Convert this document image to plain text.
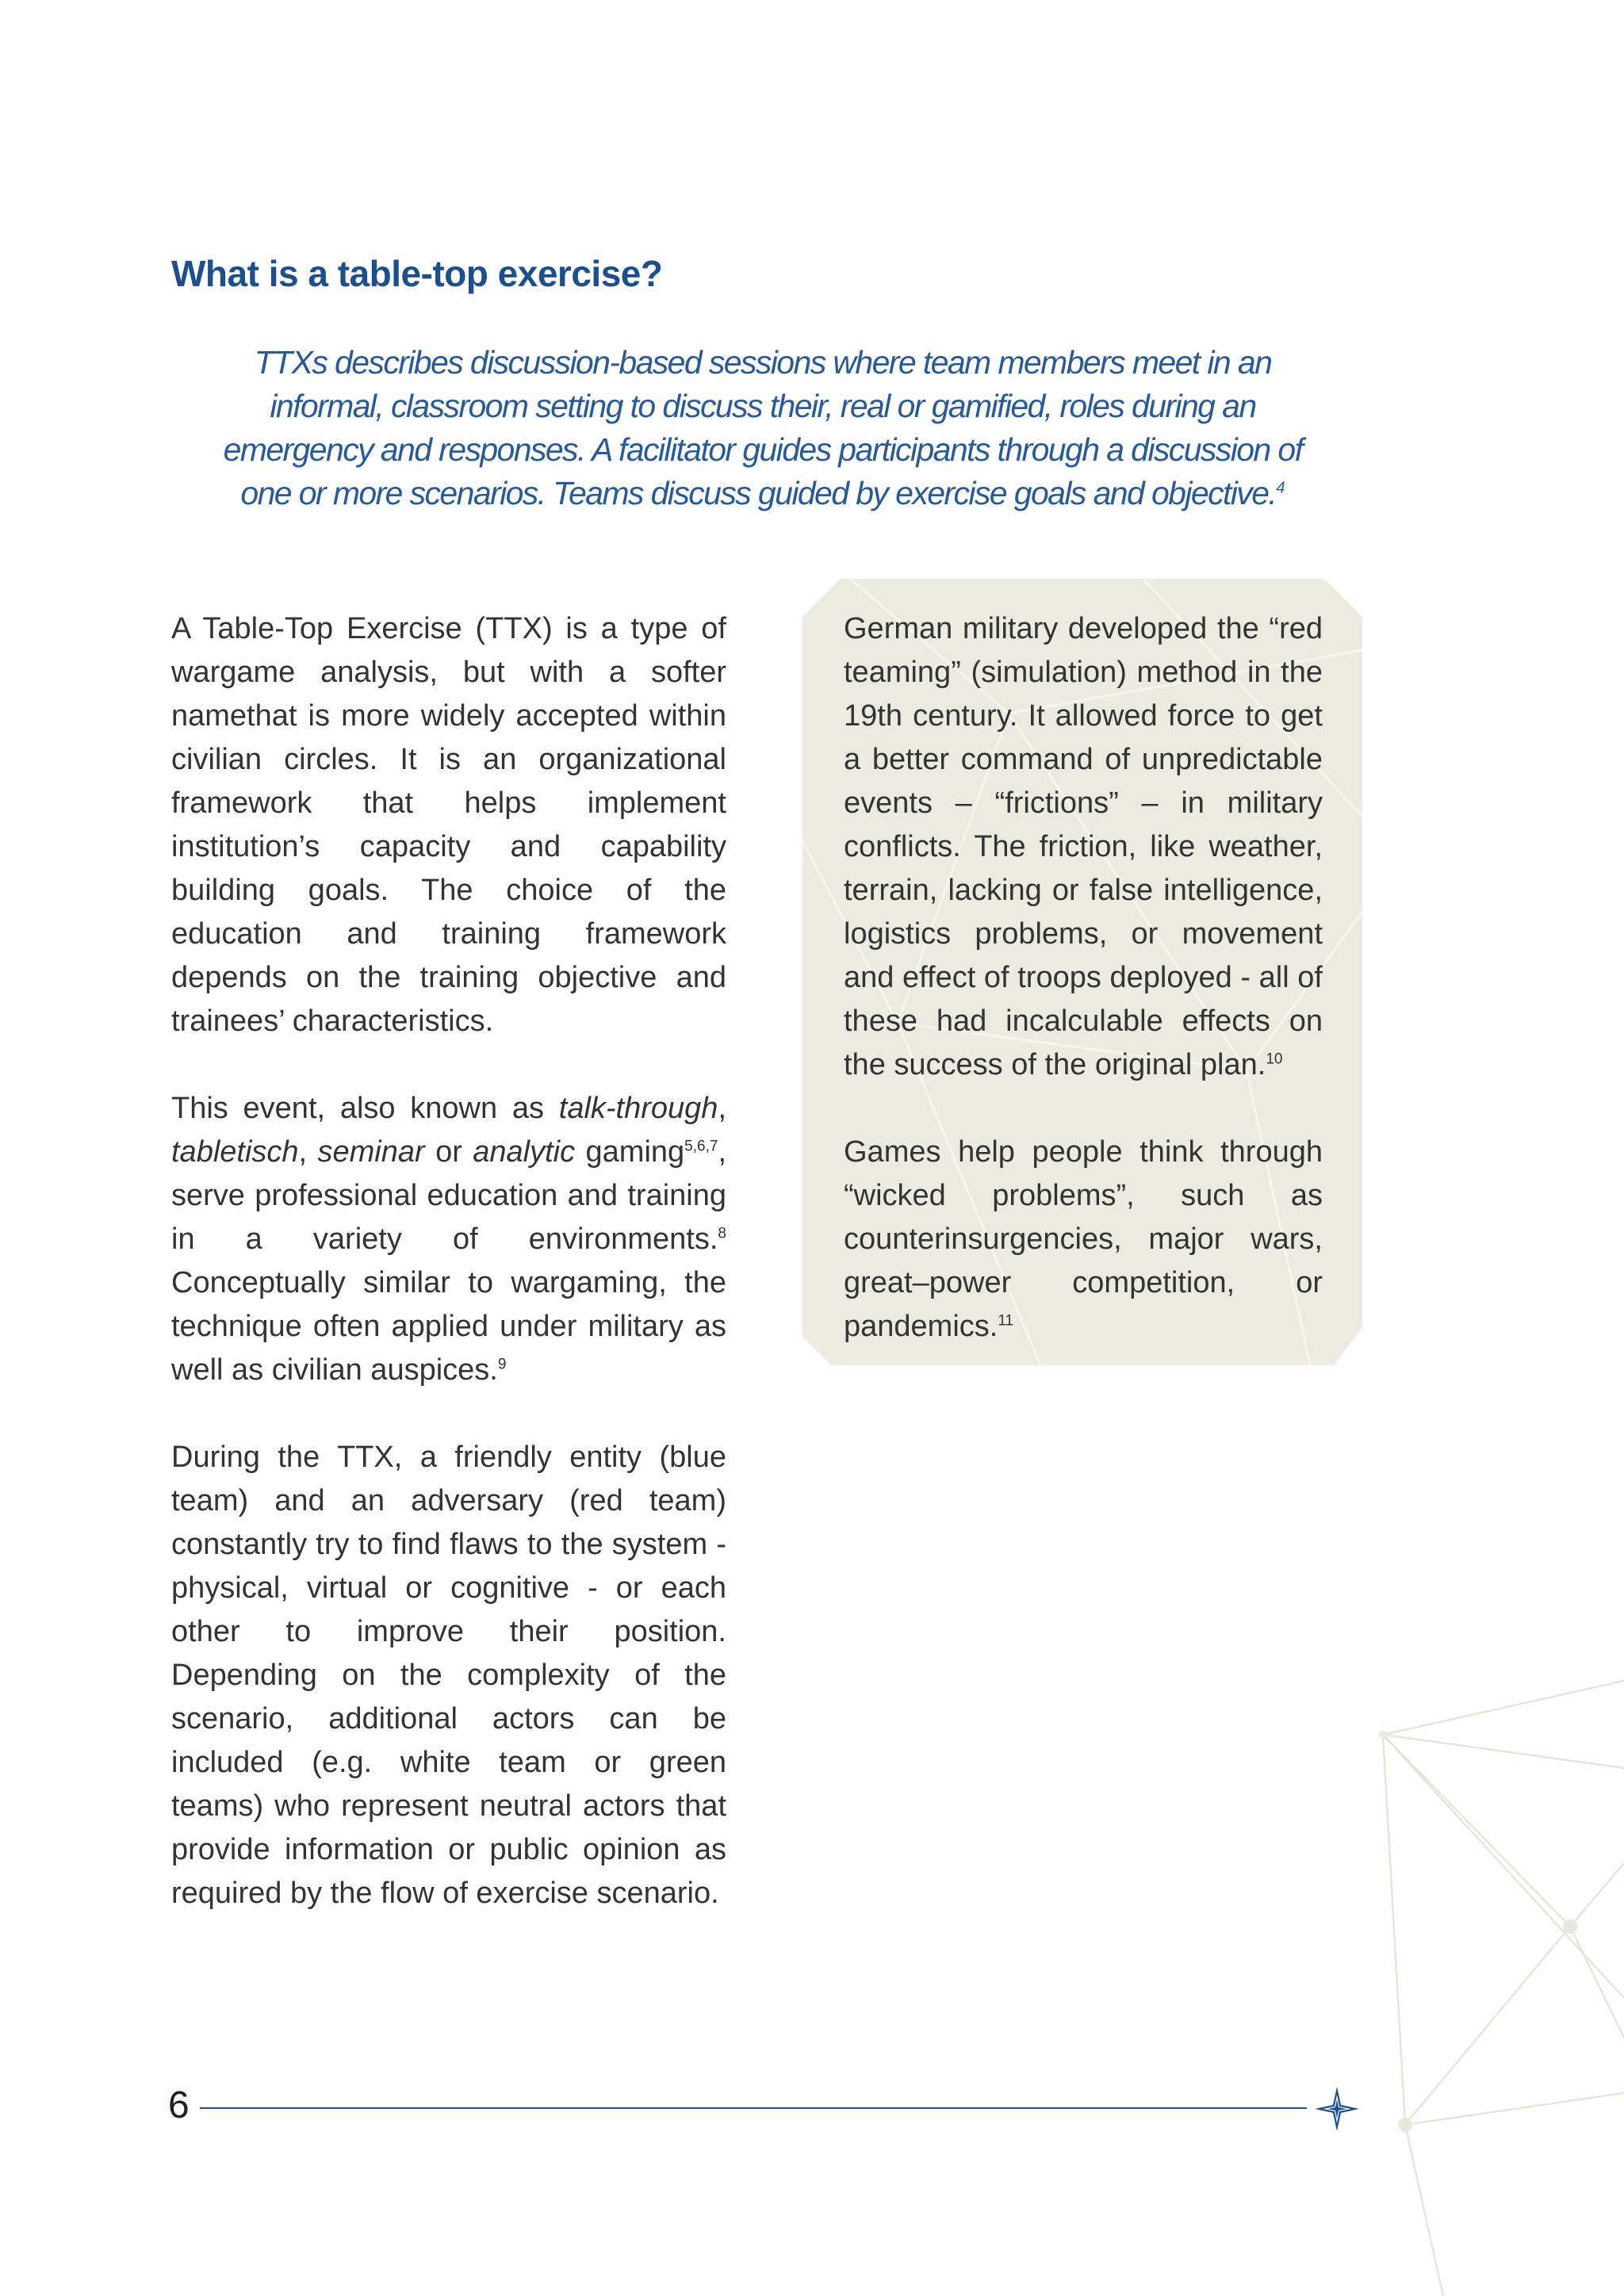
What is a table-top exercise?

TTXs describes discussion-based sessions where team members meet in an informal, classroom setting to discuss their, real or gamified, roles during an emergency and responses. A facilitator guides participants through a discussion of one or more scenarios. Teams discuss guided by exercise goals and objective.$^4$

A Table-Top Exercise (TTX) is a type of wargame analysis, but with a softer namethat is more widely accepted within civilian circles. It is an organizational framework that helps implement institution’s capacity and capability building goals. The choice of the education and training framework depends on the training objective and trainees’ characteristics.

This event, also known as talk-through, tabletisch, seminar or analytic gaming$^{5,6,7}$, serve professional education and training in a variety of environments.$^8$ Conceptually similar to wargaming, the technique often applied under military as well as civilian auspices.$^9$

During the TTX, a friendly entity (blue team) and an adversary (red team) constantly try to find flaws to the system - physical, virtual or cognitive - or each other to improve their position. Depending on the complexity of the scenario, additional actors can be included (e.g. white team or green teams) who represent neutral actors that provide information or public opinion as required by the flow of exercise scenario.

German military developed the “red teaming” (simulation) method in the 19th century. It allowed force to get a better command of unpredictable events – “frictions” – in military conflicts. The friction, like weather, terrain, lacking or false intelligence, logistics problems, or movement and effect of troops deployed - all of these had incalculable effects on the success of the original plan.$^{10}$

Games help people think through “wicked problems”, such as counterinsurgencies, major wars, great–power competition, or pandemics.$^{11}$

6
